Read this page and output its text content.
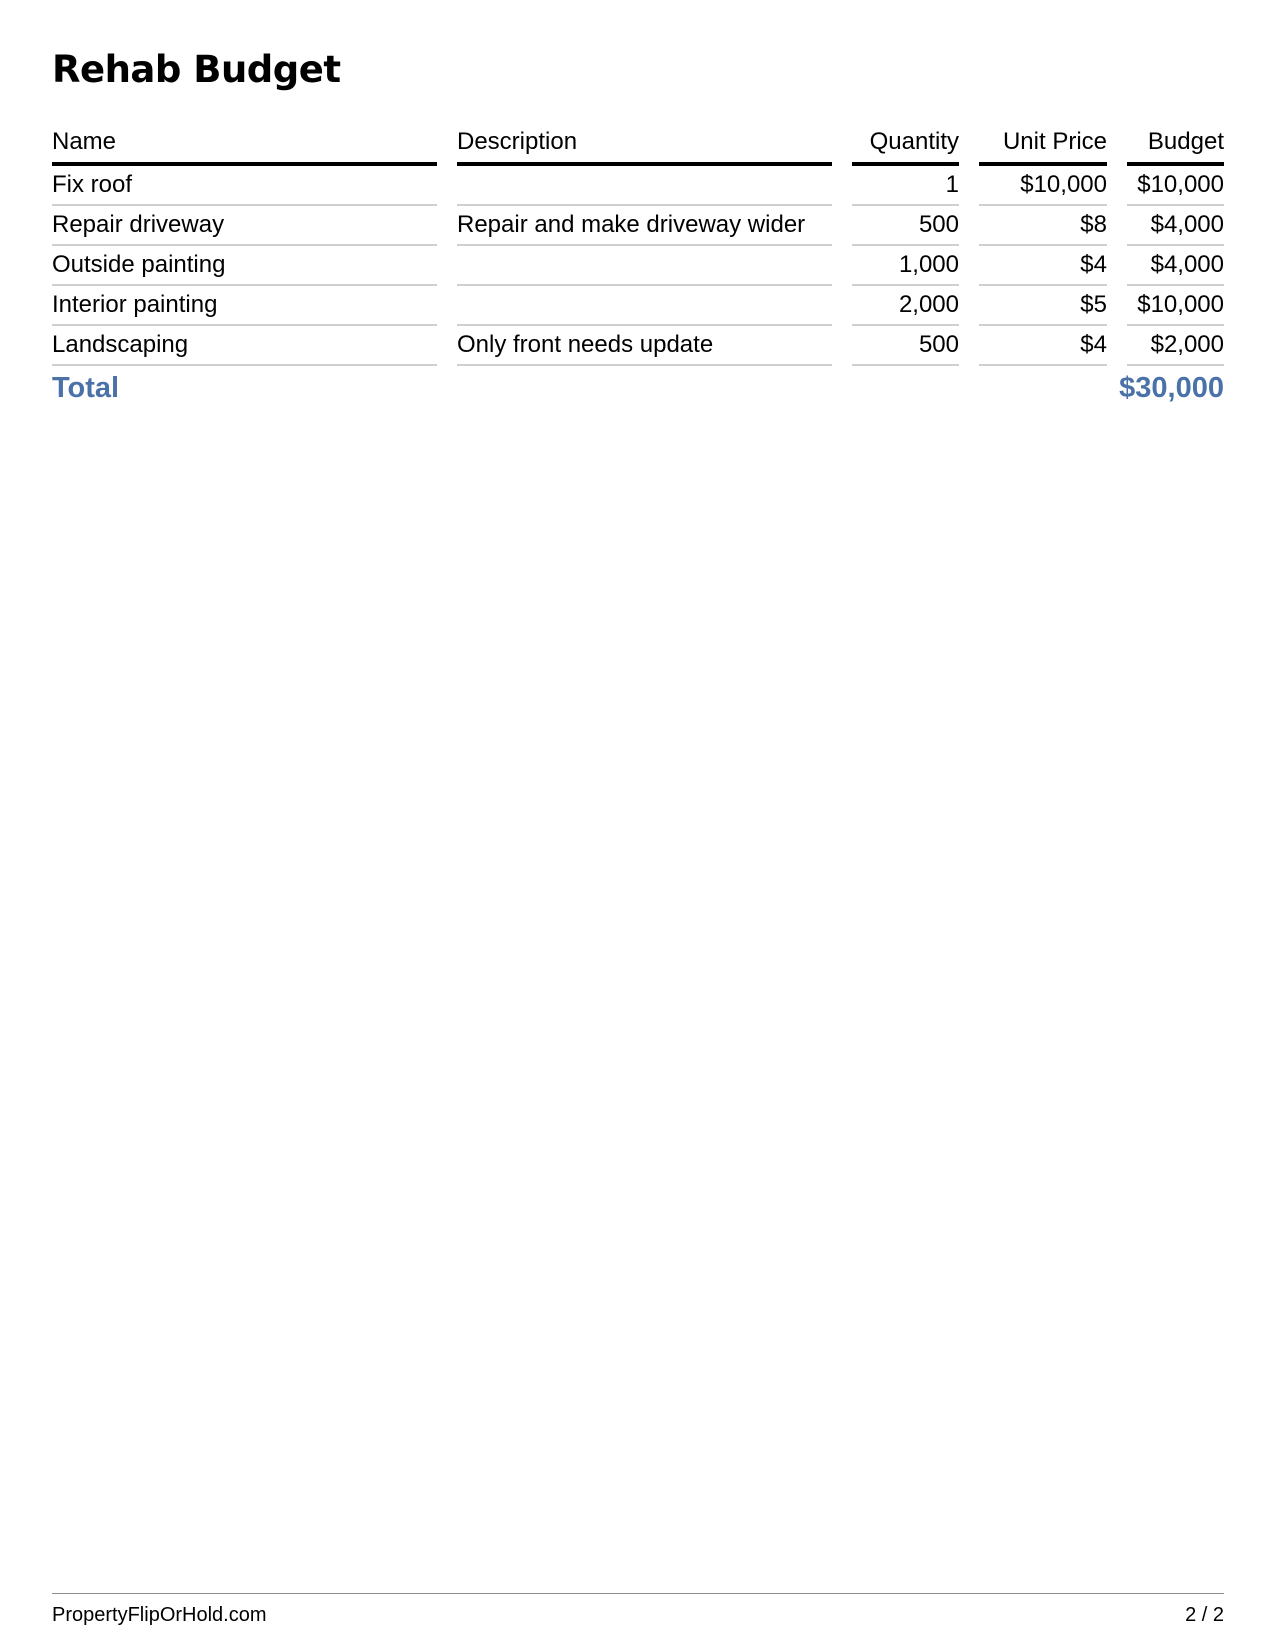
Rehab Budget
Name	Description	Quantity	Unit Price	Budget
Fix roof		1	$10,000	$10,000
Repair driveway	Repair and make driveway wider	500	$8	$4,000
Outside painting		1,000	$4	$4,000
Interior painting		2,000	$5	$10,000
Landscaping	Only front needs update	500	$4	$2,000
Total				$30,000
PropertyFlipOrHold.com	2 / 2
